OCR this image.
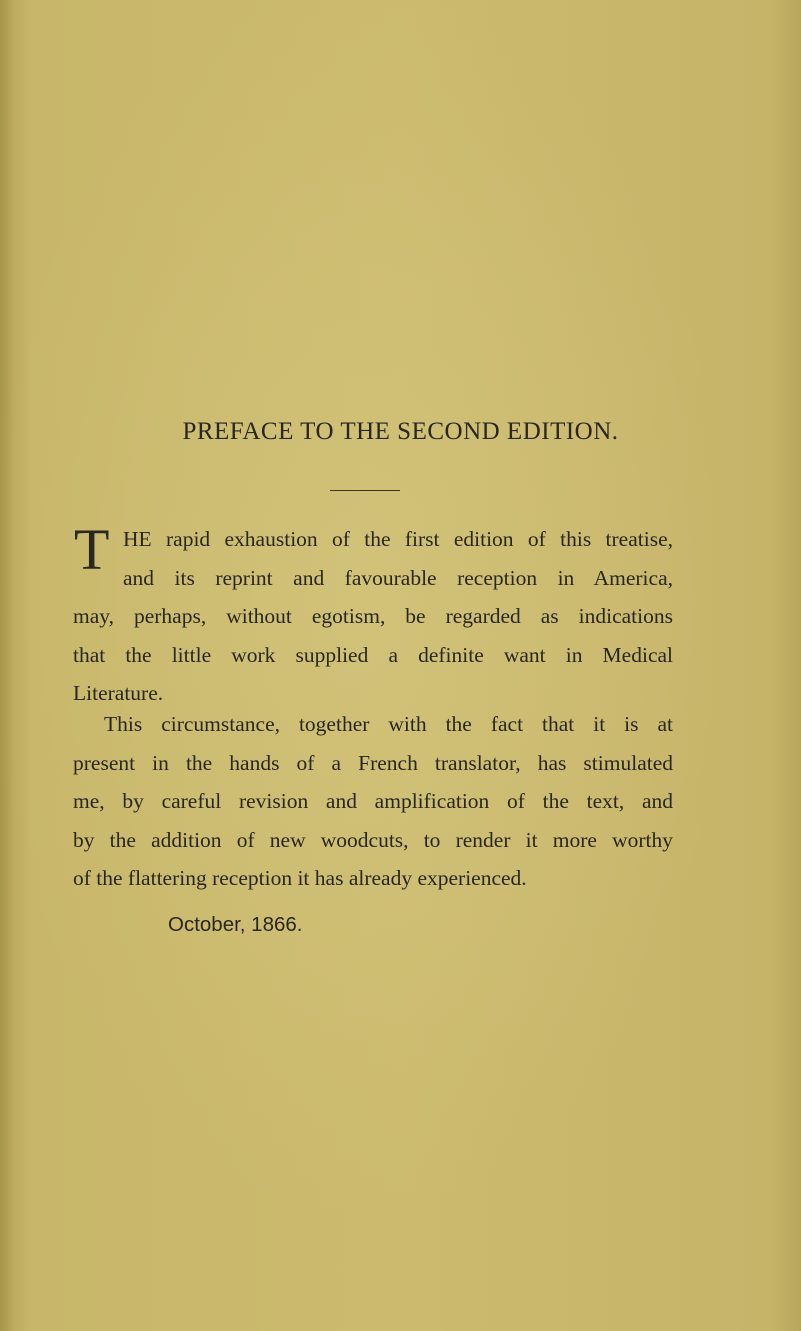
PREFACE TO THE SECOND EDITION.
T HE rapid exhaustion of the first edition of this treatise,
and its reprint and favourable reception in America,
may, perhaps, without egotism, be regarded as indications
that the little work supplied a definite want in Medical
Literature.
This circumstance, together with the fact that it is at
present in the hands of a French translator, has stimulated
me, by careful revision and amplification of the text, and
by the addition of new woodcuts, to render it more worthy
of the flattering reception it has already experienced.
October, 1866.
